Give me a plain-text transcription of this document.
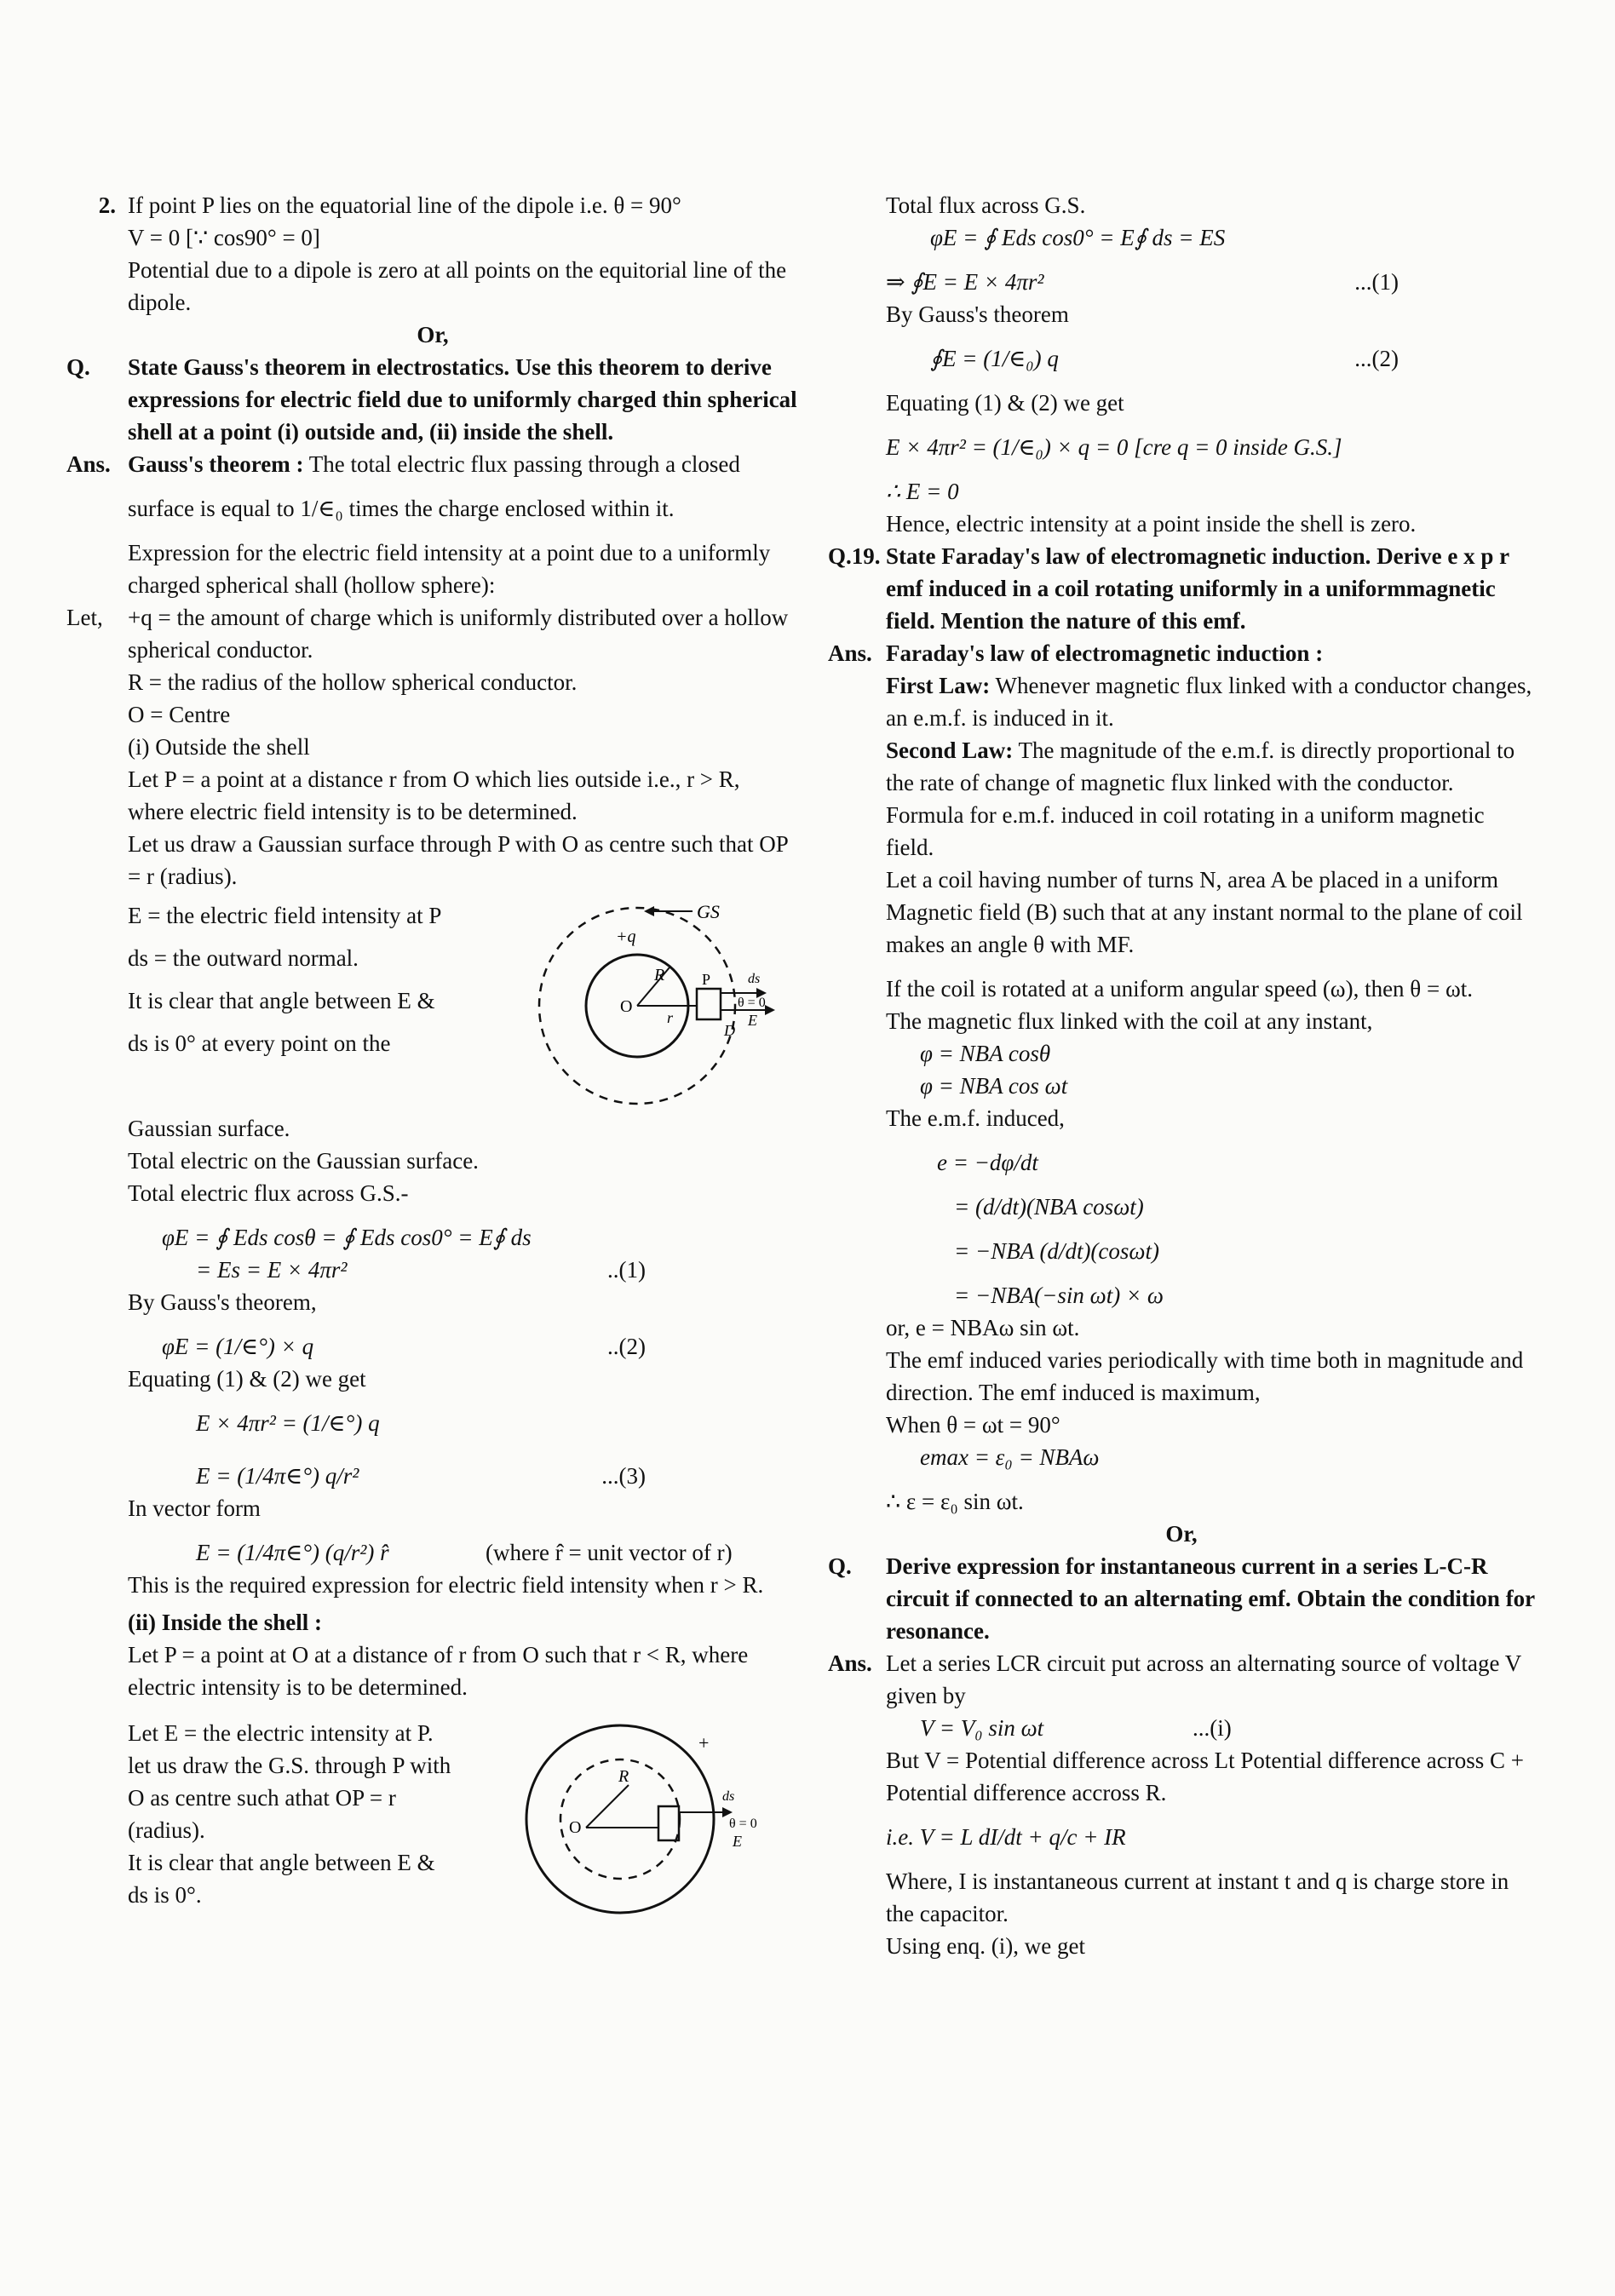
2. If point P lies on the equatorial line of the dipole i.e. θ = 90°

V = 0 [∵ cos90° = 0]

Potential due to a dipole is zero at all points on the equitorial line of the dipole.

Or,

Q.	State Gauss's theorem in electrostatics. Use this theorem to derive expressions for electric field due to uniformly charged thin spherical shell at a point (i) outside and, (ii) inside the shell.

Ans. Gauss's theorem : The total electric flux passing through a closed

surface is equal to 1/∈₀ times the charge enclosed within it.

Expression for the electric field intensity at a point due to a uniformly charged spherical shall (hollow sphere):

Let,	+q = the amount of charge which is uniformly distributed over a hollow spherical conductor.

R = the radius of the hollow spherical conductor.

O = Centre

(i) Outside the shell

Let P = a point at a distance r from O which lies outside i.e., r > R, where electric field intensity is to be determined.

Let us draw a Gaussian surface through P with O as centre such that OP = r (radius).

E = the electric field intensity at P

ds = the outward normal.

It is clear that angle between E &

ds is 0° at every point on the

GS
+q
R
O
r
P
D
ds
θ = 0
E

Gaussian surface.

Total electric on the Gaussian surface.

Total electric flux across G.S.-

φE = ∮ Eds cosθ = ∮ Eds cos0° = E∮ ds

= Es = E × 4πr²	..(1)

By Gauss's theorem,

φE = (1/∈°) × q	..(2)

Equating (1) & (2) we get

E × 4πr² = (1/∈°) q

E = (1/4π∈°) q/r²	...(3)

In vector form

E = (1/4π∈°) (q/r²) r̂	(where r̂ = unit vector of r)

This is the required expression for electric field intensity when r > R.

(ii) Inside the shell :

Let P = a point at O at a distance of r from O such that r < R, where electric intensity is to be determined.

Let E = the electric intensity at P.

let us draw the G.S. through P with

O as centre such athat OP = r

(radius).

It is clear that angle between E &

ds is 0°.

+
R
O
ds
θ = 0
E

Total flux across G.S.

φE = ∮ Eds cos0° = E∮ ds = ES

⇒ ∮E = E × 4πr²	...(1)

By Gauss's theorem

∮E = (1/∈₀) q	...(2)

Equating (1) & (2) we get

E × 4πr² = (1/∈₀) × q = 0 [cre q = 0 inside G.S.]

∴ E = 0

Hence, electric intensity at a point inside the shell is zero.

Q.19. State Faraday's law of electromagnetic induction. Derive e x p r emf induced in a coil rotating uniformly in a uniformmagnetic field. Mention the nature of this emf.

Ans. Faraday's law of electromagnetic induction :

First Law: Whenever magnetic flux linked with a conductor changes, an e.m.f. is induced in it.

Second Law: The magnitude of the e.m.f. is directly proportional to the rate of change of magnetic flux linked with the conductor.

Formula for e.m.f. induced in coil rotating in a uniform magnetic field.

Let a coil having number of turns N, area A be placed in a uniform Magnetic field (B) such that at any instant normal to the plane of coil makes an angle θ with MF.

If the coil is rotated at a uniform angular speed (ω), then θ = ωt.

The magnetic flux linked with the coil at any instant,

φ = NBA cosθ

φ = NBA cos ωt

The e.m.f. induced,

e = −dφ/dt

= (d/dt)(NBA cosωt)

= −NBA (d/dt)(cosωt)

= −NBA(−sin ωt) × ω

or, e = NBAω sin ωt.

The emf induced varies periodically with time both in magnitude and direction. The emf induced is maximum,

When θ = ωt = 90°

emax = ε₀ = NBAω

∴ ε = ε₀ sin ωt.

Or,

Q.	Derive expression for instantaneous current in a series L-C-R circuit if connected to an alternating emf. Obtain the condition for resonance.

Ans. Let a series LCR circuit put across an alternating source of voltage V given by

V = V₀ sin ωt	...(i)

But V = Potential difference across Lt Potential difference across C + Potential difference accross R.

i.e. V = L dI/dt + q/c + IR

Where, I is instantaneous current at instant t and q is charge store in the capacitor.

Using enq. (i), we get
